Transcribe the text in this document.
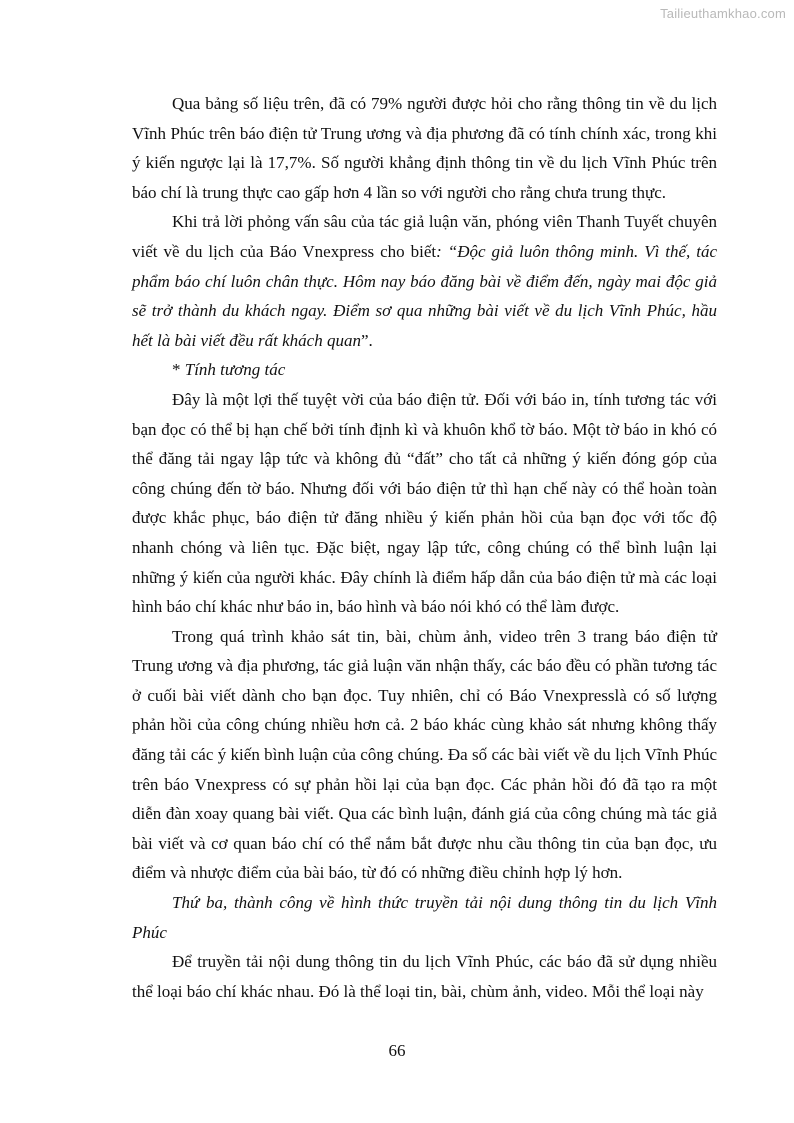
Tailieuthamkhao.com

Qua bảng số liệu trên, đã có 79% người được hỏi cho rằng thông tin về du lịch Vĩnh Phúc trên báo điện tử Trung ương và địa phương đã có tính chính xác, trong khi ý kiến ngược lại là 17,7%. Số người khẳng định thông tin về du lịch Vĩnh Phúc trên báo chí là trung thực cao gấp hơn 4 lần so với người cho rằng chưa trung thực.

Khi trả lời phỏng vấn sâu của tác giả luận văn, phóng viên Thanh Tuyết chuyên viết về du lịch của Báo Vnexpress cho biết: “Độc giả luôn thông minh. Vì thế, tác phẩm báo chí luôn chân thực. Hôm nay báo đăng bài về điểm đến, ngày mai độc giả sẽ trở thành du khách ngay. Điểm sơ qua những bài viết về du lịch Vĩnh Phúc, hầu hết là bài viết đều rất khách quan”.

* Tính tương tác

Đây là một lợi thế tuyệt vời của báo điện tử. Đối với báo in, tính tương tác với bạn đọc có thể bị hạn chế bởi tính định kì và khuôn khổ tờ báo. Một tờ báo in khó có thể đăng tải ngay lập tức và không đủ “đất” cho tất cả những ý kiến đóng góp của công chúng đến tờ báo. Nhưng đối với báo điện tử thì hạn chế này có thể hoàn toàn được khắc phục, báo điện tử đăng nhiều ý kiến phản hồi của bạn đọc với tốc độ nhanh chóng và liên tục. Đặc biệt, ngay lập tức, công chúng có thể bình luận lại những ý kiến của người khác. Đây chính là điểm hấp dẫn của báo điện tử mà các loại hình báo chí khác như báo in, báo hình và báo nói khó có thể làm được.

Trong quá trình khảo sát tin, bài, chùm ảnh, video trên 3 trang báo điện tử Trung ương và địa phương, tác giả luận văn nhận thấy, các báo đều có phần tương tác ở cuối bài viết dành cho bạn đọc. Tuy nhiên, chỉ có Báo Vnexpresslà có số lượng phản hồi của công chúng nhiều hơn cả. 2 báo khác cùng khảo sát nhưng không thấy đăng tải các ý kiến bình luận của công chúng. Đa số các bài viết về du lịch Vĩnh Phúc trên báo Vnexpress có sự phản hồi lại của bạn đọc. Các phản hồi đó đã tạo ra một diễn đàn xoay quang bài viết. Qua các bình luận, đánh giá của công chúng mà tác giả bài viết và cơ quan báo chí có thể nắm bắt được nhu cầu thông tin của bạn đọc, ưu điểm và nhược điểm của bài báo, từ đó có những điều chỉnh hợp lý hơn.

Thứ ba, thành công về hình thức truyền tải nội dung thông tin du lịch Vĩnh Phúc

Để truyền tải nội dung thông tin du lịch Vĩnh Phúc, các báo đã sử dụng nhiều thể loại báo chí khác nhau. Đó là thể loại tin, bài, chùm ảnh, video. Mỗi thể loại này

66
